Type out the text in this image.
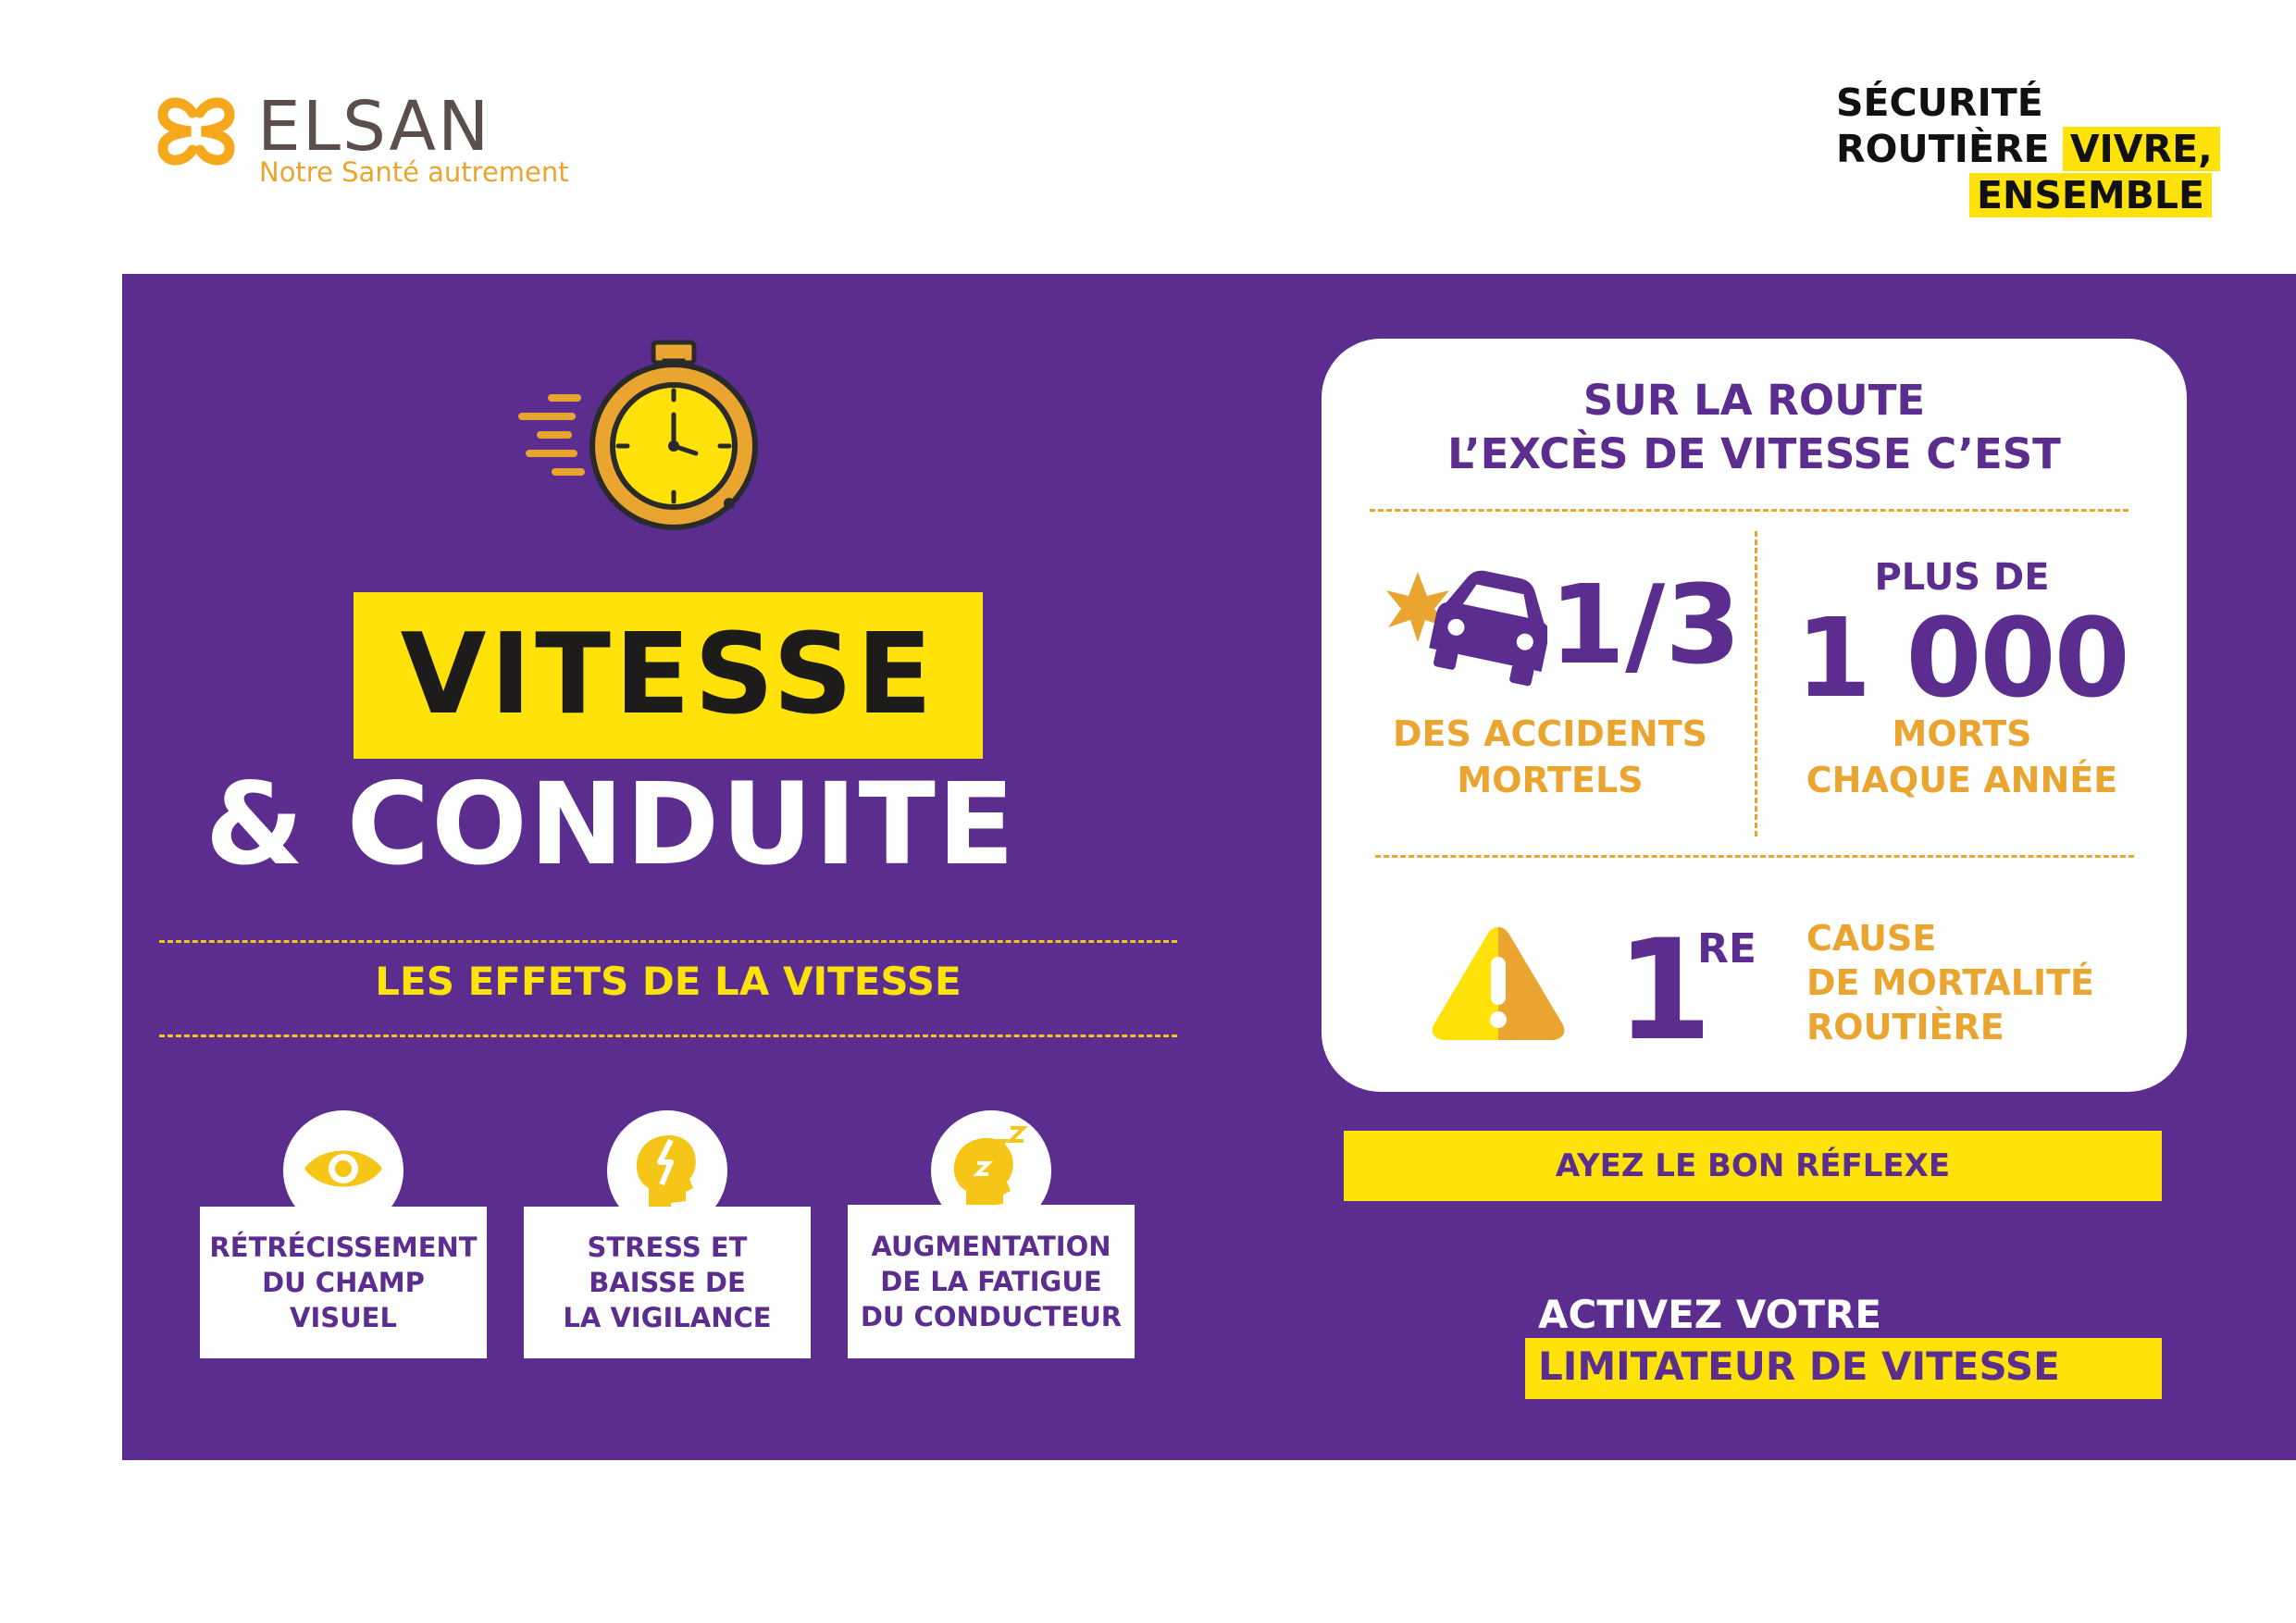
ELSAN
Notre Santé autrement
SÉCURITÉ
ROUTIÈRE VIVRE,
ENSEMBLE
VITESSE
& CONDUITE
LES EFFETS DE LA VITESSE
RÉTRÉCISSEMENT
DU CHAMP
VISUEL
STRESS ET
BAISSE DE
LA VIGILANCE
AUGMENTATION
DE LA FATIGUE
DU CONDUCTEUR
SUR LA ROUTE
L’EXCÈS DE VITESSE C’EST
1/3
DES ACCIDENTS
MORTELS
PLUS DE
1 000
MORTS
CHAQUE ANNÉE
1
RE CAUSE
DE MORTALITÉ
ROUTIÈRE
AYEZ LE BON RÉFLEXE
ACTIVEZ VOTRE
LIMITATEUR DE VITESSE
